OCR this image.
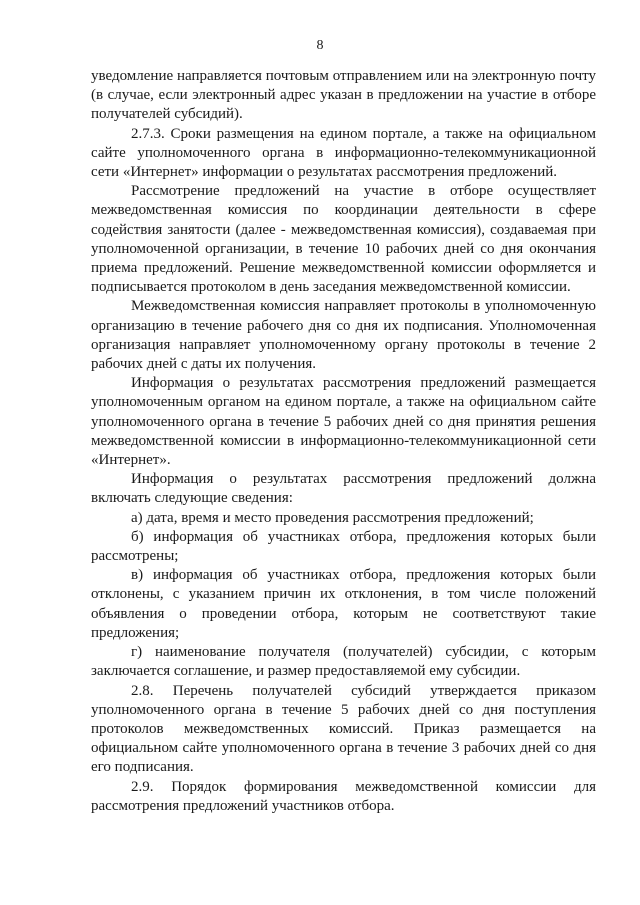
8

уведомление направляется почтовым отправлением или на электронную почту (в случае, если электронный адрес указан в предложении на участие в отборе получателей субсидий).

2.7.3. Сроки размещения на едином портале, а также на официальном сайте уполномоченного органа в информационно-телекоммуникационной сети «Интернет» информации о результатах рассмотрения предложений.

Рассмотрение предложений на участие в отборе осуществляет межведомственная комиссия по координации деятельности в сфере содействия занятости (далее - межведомственная комиссия), создаваемая при уполномоченной организации, в течение 10 рабочих дней со дня окончания приема предложений. Решение межведомственной комиссии оформляется и подписывается протоколом в день заседания межведомственной комиссии.

Межведомственная комиссия направляет протоколы в уполномоченную организацию в течение рабочего дня со дня их подписания. Уполномоченная организация направляет уполномоченному органу протоколы в течение 2 рабочих дней с даты их получения.

Информация о результатах рассмотрения предложений размещается уполномоченным органом на едином портале, а также на официальном сайте уполномоченного органа в течение 5 рабочих дней со дня принятия решения межведомственной комиссии в информационно-телекоммуникационной сети «Интернет».

Информация о результатах рассмотрения предложений должна включать следующие сведения:

а) дата, время и место проведения рассмотрения предложений;

б) информация об участниках отбора, предложения которых были рассмотрены;

в) информация об участниках отбора, предложения которых были отклонены, с указанием причин их отклонения, в том числе положений объявления о проведении отбора, которым не соответствуют такие предложения;

г) наименование получателя (получателей) субсидии, с которым заключается соглашение, и размер предоставляемой ему субсидии.

2.8. Перечень получателей субсидий утверждается приказом уполномоченного органа в течение 5 рабочих дней со дня поступления протоколов межведомственных комиссий. Приказ размещается на официальном сайте уполномоченного органа в течение 3 рабочих дней со дня его подписания.

2.9. Порядок формирования межведомственной комиссии для рассмотрения предложений участников отбора.
